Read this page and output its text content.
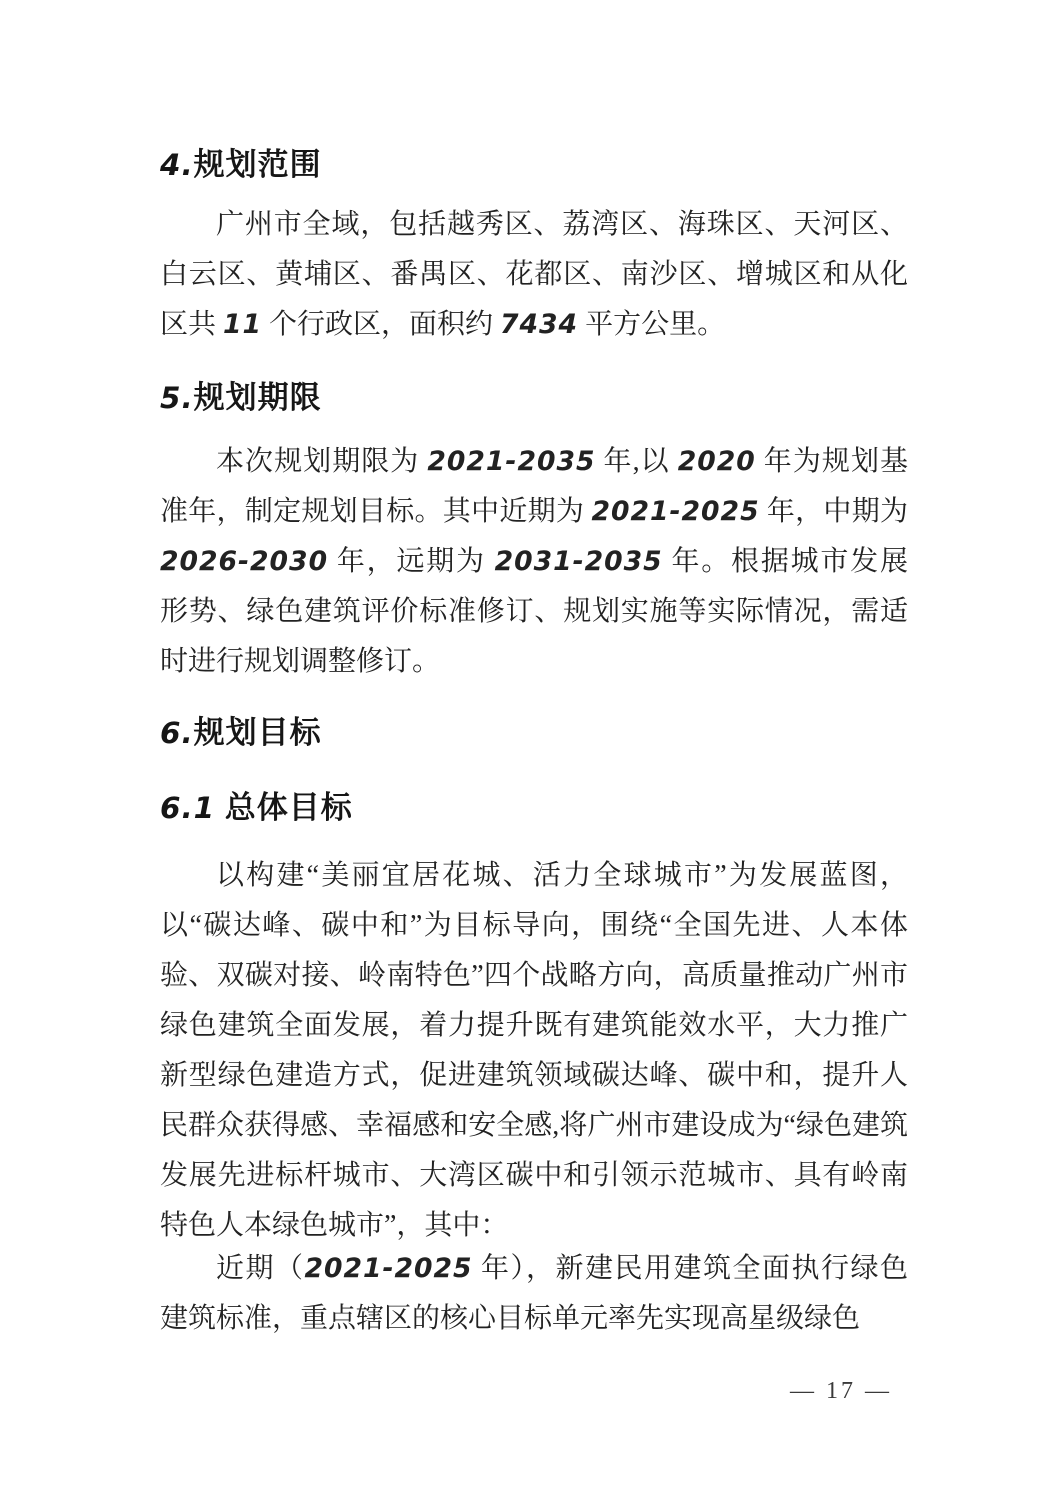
4.规划范围

广州市全域，包括越秀区、荔湾区、海珠区、天河区、白云区、黄埔区、番禺区、花都区、南沙区、增城区和从化区共 11 个行政区，面积约 7434 平方公里。

5.规划期限

本次规划期限为 2021-2035 年,以 2020 年为规划基准年，制定规划目标。其中近期为 2021-2025 年，中期为 2026-2030 年，远期为 2031-2035 年。根据城市发展形势、绿色建筑评价标准修订、规划实施等实际情况，需适时进行规划调整修订。

6.规划目标
6.1 总体目标

以构建“美丽宜居花城、活力全球城市”为发展蓝图，以“碳达峰、碳中和”为目标导向，围绕“全国先进、人本体验、双碳对接、岭南特色”四个战略方向，高质量推动广州市绿色建筑全面发展，着力提升既有建筑能效水平，大力推广新型绿色建造方式，促进建筑领域碳达峰、碳中和，提升人民群众获得感、幸福感和安全感,将广州市建设成为“绿色建筑发展先进标杆城市、大湾区碳中和引领示范城市、具有岭南特色人本绿色城市”，其中：

近期（2021-2025 年），新建民用建筑全面执行绿色建筑标准，重点辖区的核心目标单元率先实现高星级绿色

— 17 —
